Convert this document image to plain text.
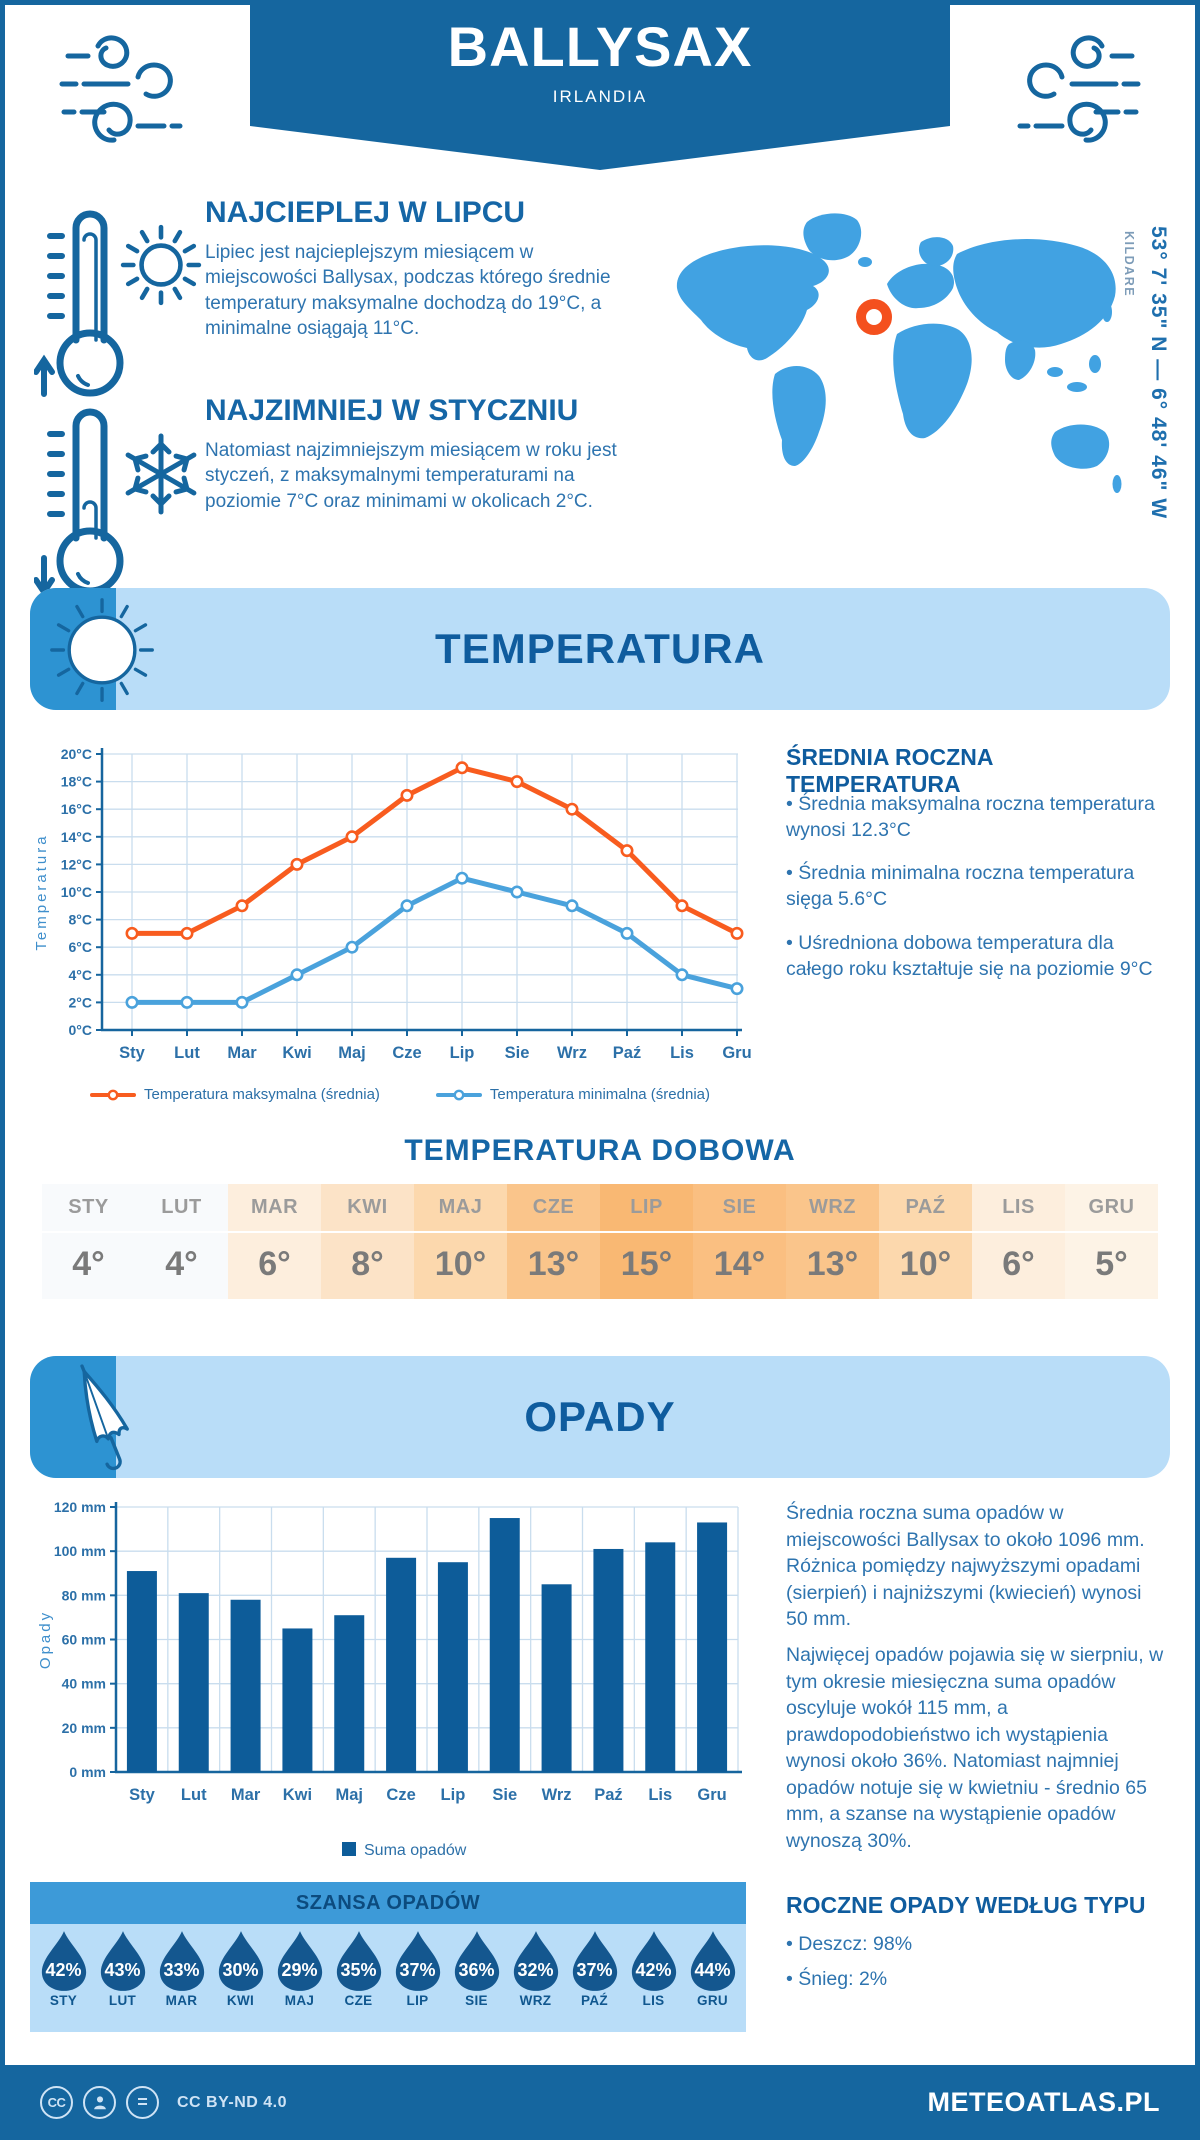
BALLYSAX
IRLANDIA
NAJCIEPLEJ W LIPCU
Lipiec jest najcieplejszym miesiącem w miejscowości Ballysax, podczas którego średnie temperatury maksymalne dochodzą do 19°C, a minimalne osiągają 11°C.
NAJZIMNIEJ W STYCZNIU
Natomiast najzimniejszym miesiącem w roku jest styczeń, z maksymalnymi temperaturami na poziomie 7°C oraz minimami w okolicach 2°C.	53° 7' 35" N — 6° 48' 46" W
KILDARE
TEMPERATURA
0°C
2°C
4°C
6°C
8°C
10°C
12°C
14°C
16°C
18°C
20°C
Sty Lut Mar Kwi Maj Cze Lip Sie Wrz Paź Lis Gru
Temperatura
Temperatura maksymalna (średnia)	Temperatura minimalna (średnia)
ŚREDNIA ROCZNA TEMPERATURA
• Średnia maksymalna roczna temperatura wynosi 12.3°C
• Średnia minimalna roczna temperatura sięga 5.6°C
• Uśredniona dobowa temperatura dla całego roku kształtuje się na poziomie 9°C
TEMPERATURA DOBOWA
STY
4°
LUT
4°
MAR
6°
KWI
8°
MAJ
10°
CZE
13°
LIP
15°
SIE
14°
WRZ
13°
PAŹ
10°
LIS
6°
GRU
5°
OPADY
0 mm
20 mm
40 mm
60 mm
80 mm
100 mm
120 mm
Sty Lut Mar Kwi Maj Cze Lip Sie Wrz Paź Lis Gru
Opady
Suma opadów
Średnia roczna suma opadów w miejscowości Ballysax to około 1096 mm. Różnica pomiędzy najwyższymi opadami (sierpień) i najniższymi (kwiecień) wynosi 50 mm.
Najwięcej opadów pojawia się w sierpniu, w tym okresie miesięczna suma opadów oscyluje wokół 115 mm, a prawdopodobieństwo ich wystąpienia wynosi około 36%. Natomiast najmniej opadów notuje się w kwietniu - średnio 65 mm, a szanse na wystąpienie opadów wynoszą 30%.
SZANSA OPADÓW
42%
STY
43%
LUT
33%
MAR
30%
KWI
29%
MAJ
35%
CZE
37%
LIP
36%
SIE
32%
WRZ
37%
PAŹ
42%
LIS
44%
GRU
ROCZNE OPADY WEDŁUG TYPU
• Deszcz: 98%
• Śnieg: 2%
CC	=	CC BY-ND 4.0	METEOATLAS.PL
